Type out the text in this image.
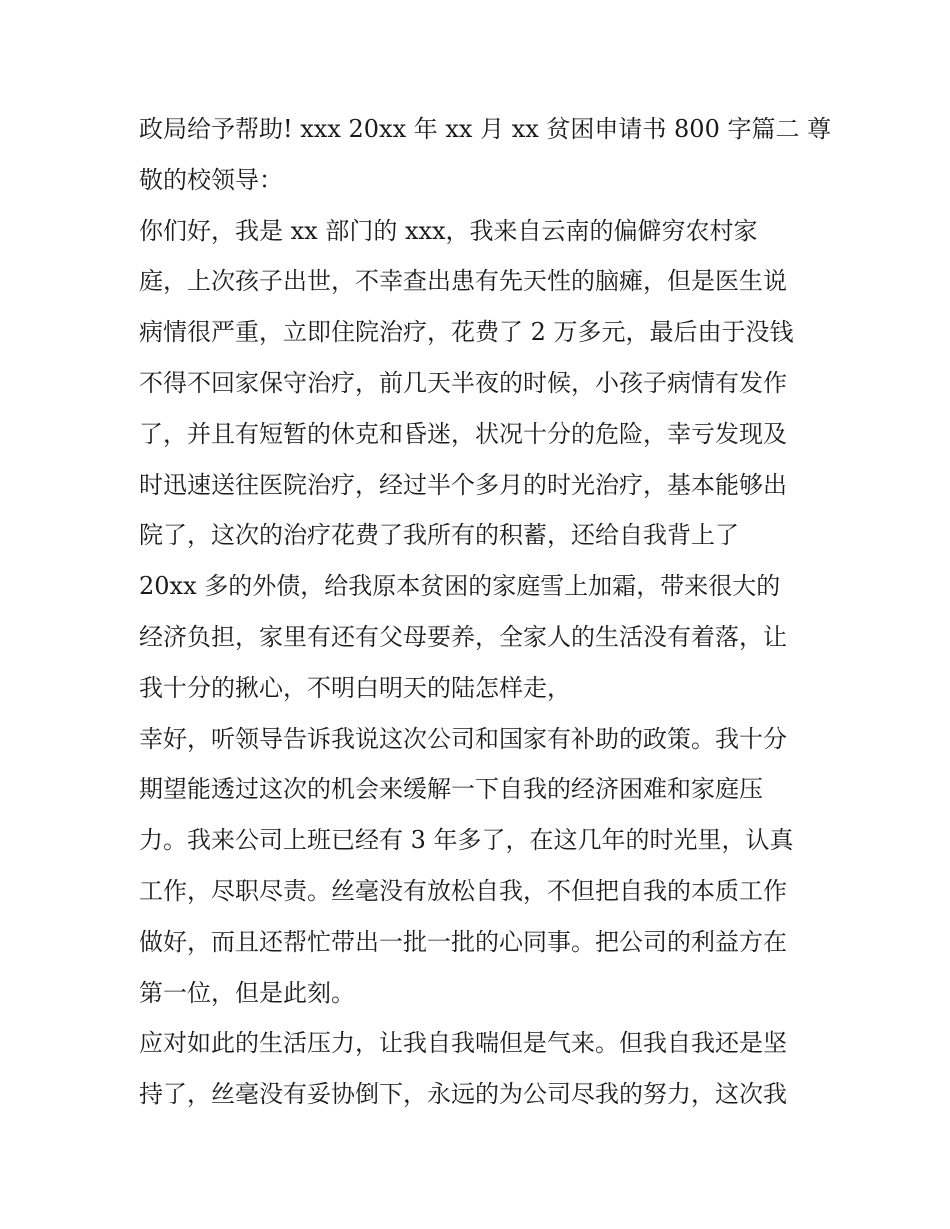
政局给予帮助! xxx 20xx 年 xx 月 xx 贫困申请书 800 字篇二 尊
敬的校领导：
你们好，我是 xx 部门的 xxx，我来自云南的偏僻穷农村家
庭，上次孩子出世，不幸查出患有先天性的脑瘫，但是医生说
病情很严重，立即住院治疗，花费了 2 万多元，最后由于没钱
不得不回家保守治疗，前几天半夜的时候，小孩子病情有发作
了，并且有短暂的休克和昏迷，状况十分的危险，幸亏发现及
时迅速送往医院治疗，经过半个多月的时光治疗，基本能够出
院了，这次的治疗花费了我所有的积蓄，还给自我背上了
20xx 多的外债，给我原本贫困的家庭雪上加霜，带来很大的
经济负担，家里有还有父母要养，全家人的生活没有着落，让
我十分的揪心，不明白明天的陆怎样走，
幸好，听领导告诉我说这次公司和国家有补助的政策。我十分
期望能透过这次的机会来缓解一下自我的经济困难和家庭压
力。我来公司上班已经有 3 年多了，在这几年的时光里，认真
工作，尽职尽责。丝毫没有放松自我，不但把自我的本质工作
做好，而且还帮忙带出一批一批的心同事。把公司的利益方在
第一位，但是此刻。
应对如此的生活压力，让我自我喘但是气来。但我自我还是坚
持了，丝毫没有妥协倒下，永远的为公司尽我的努力，这次我
